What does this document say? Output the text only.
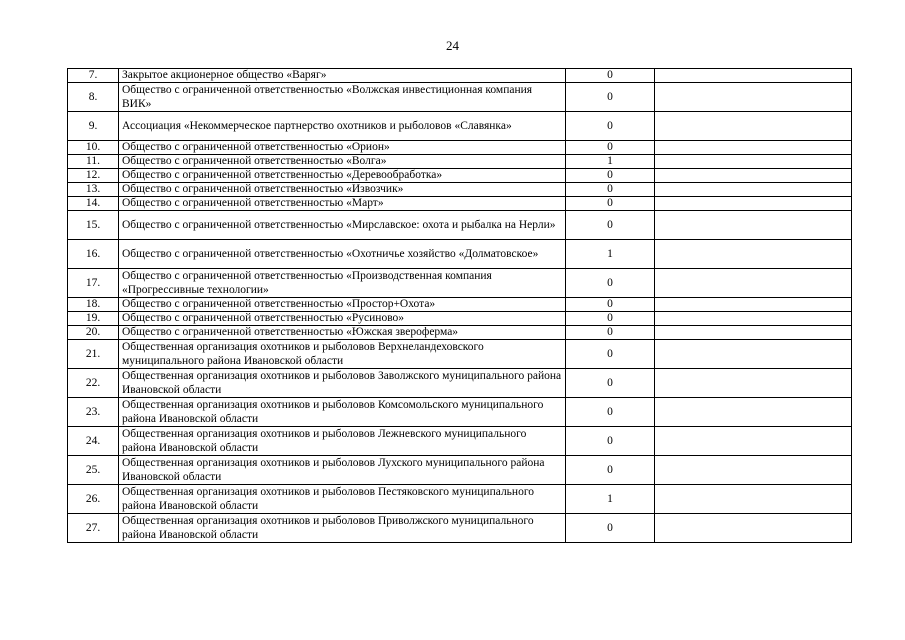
24
7.	Закрытое акционерное общество «Варяг»	0	
8.	Общество с ограниченной ответственностью «Волжская инвестиционная компания ВИК»	0	
9.	Ассоциация «Некоммерческое партнерство охотников и рыболовов «Славянка»	0	
10.	Общество с ограниченной ответственностью «Орион»	0	
11.	Общество с ограниченной ответственностью «Волга»	1	
12.	Общество с ограниченной ответственностью «Деревообработка»	0	
13.	Общество с ограниченной ответственностью «Извозчик»	0	
14.	Общество с ограниченной ответственностью «Март»	0	
15.	Общество с ограниченной ответственностью «Мирславское: охота и рыбалка на Нерли»	0	
16.	Общество с ограниченной ответственностью «Охотничье хозяйство «Долматовское»	1	
17.	Общество с ограниченной ответственностью «Производственная компания «Прогрессивные технологии»	0	
18.	Общество с ограниченной ответственностью «Простор+Охота»	0	
19.	Общество с ограниченной ответственностью «Русиново»	0	
20.	Общество с ограниченной ответственностью «Южская звероферма»	0	
21.	Общественная организация охотников и рыболовов Верхнеландеховского муниципального района Ивановской области	0	
22.	Общественная организация охотников и рыболовов Заволжского муниципального района Ивановской области	0	
23.	Общественная организация охотников и рыболовов Комсомольского муниципального района Ивановской области	0	
24.	Общественная организация охотников и рыболовов Лежневского муниципального района Ивановской области	0	
25.	Общественная организация охотников и рыболовов Лухского муниципального района Ивановской области	0	
26.	Общественная организация охотников и рыболовов Пестяковского муниципального района Ивановской области	1	
27.	Общественная организация охотников и рыболовов Приволжского муниципального района Ивановской области	0	
